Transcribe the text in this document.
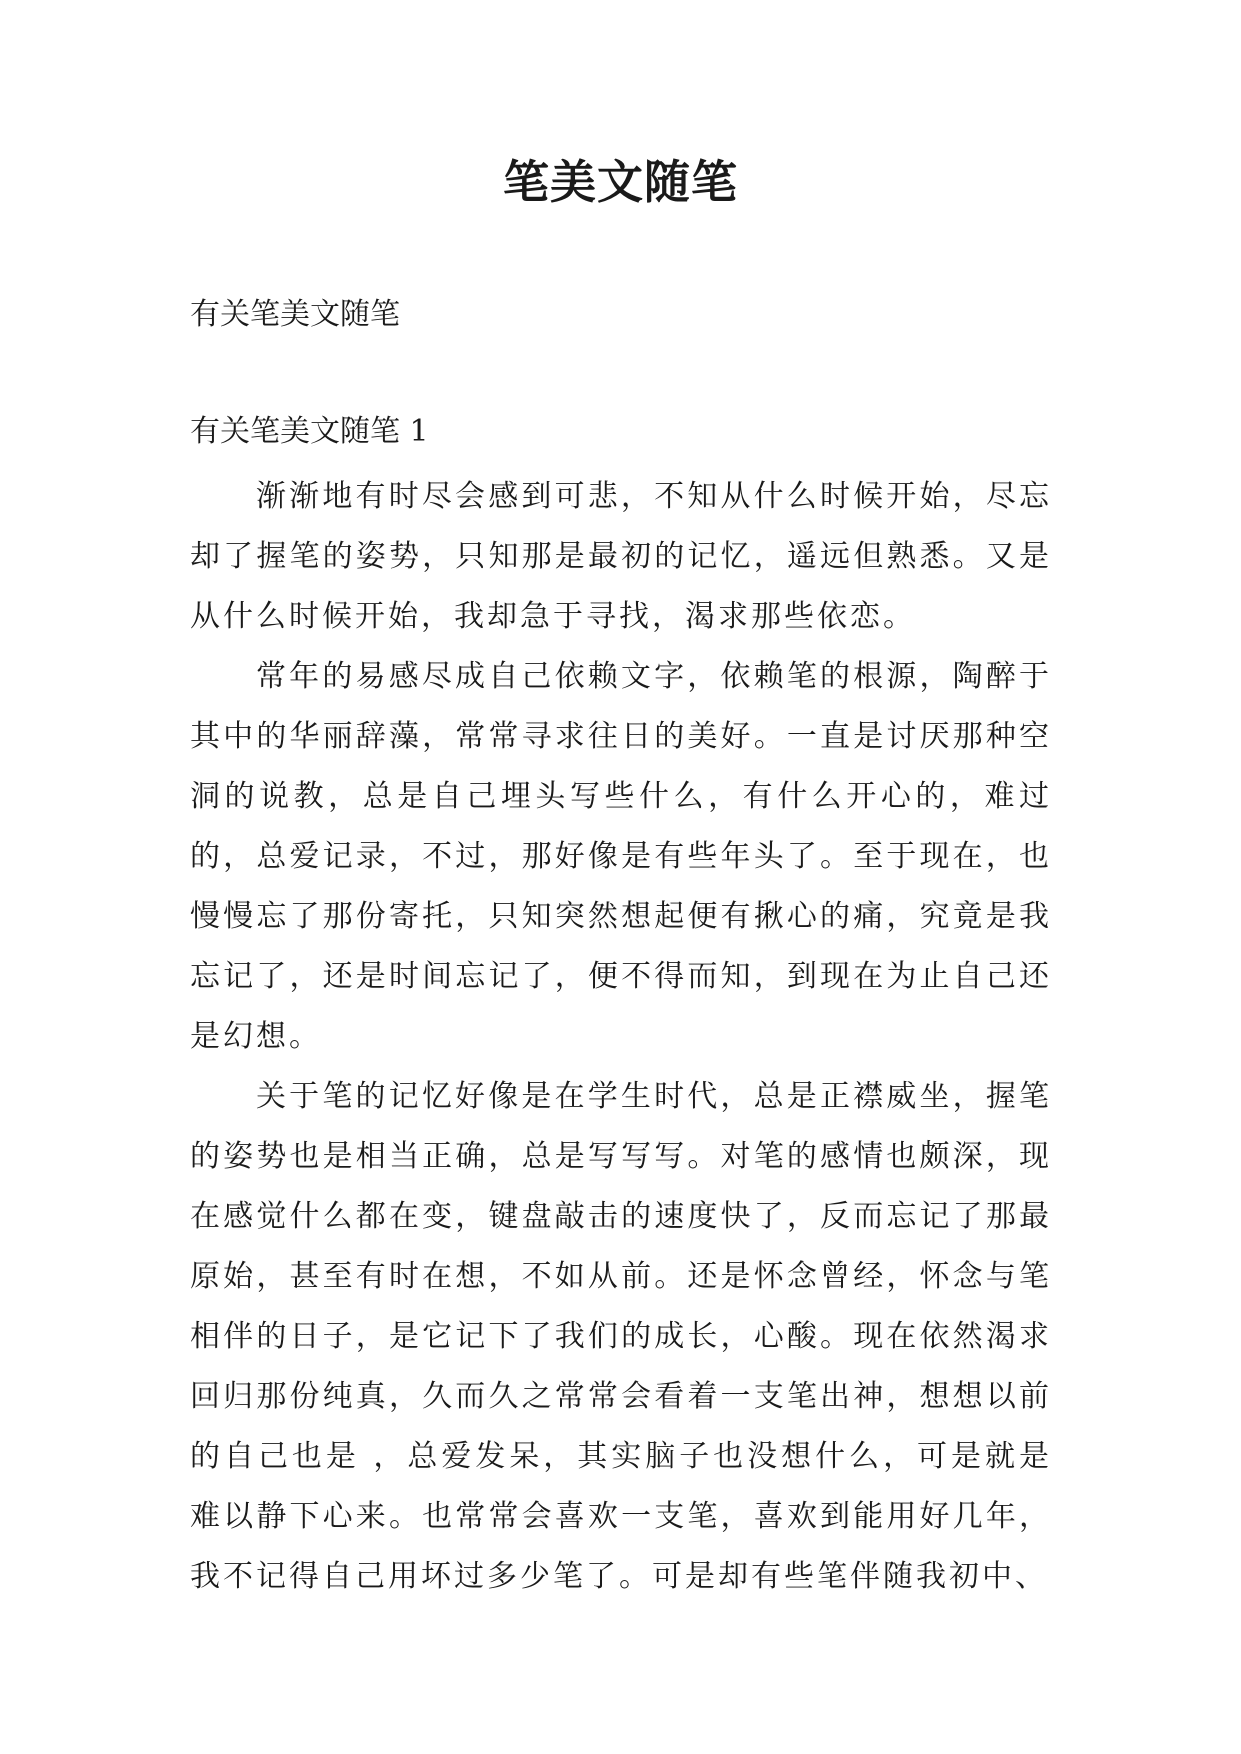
笔美文随笔

有关笔美文随笔

有关笔美文随笔 1

渐渐地有时尽会感到可悲，不知从什么时候开始，尽忘却了握笔的姿势，只知那是最初的记忆，遥远但熟悉。又是从什么时候开始，我却急于寻找，渴求那些依恋。

常年的易感尽成自己依赖文字，依赖笔的根源，陶醉于其中的华丽辞藻，常常寻求往日的美好。一直是讨厌那种空洞的说教，总是自己埋头写些什么，有什么开心的，难过的，总爱记录，不过，那好像是有些年头了。至于现在，也慢慢忘了那份寄托，只知突然想起便有揪心的痛，究竟是我忘记了，还是时间忘记了，便不得而知，到现在为止自己还是幻想。

关于笔的记忆好像是在学生时代，总是正襟威坐，握笔的姿势也是相当正确，总是写写写。对笔的感情也颇深，现在感觉什么都在变，键盘敲击的速度快了，反而忘记了那最原始，甚至有时在想，不如从前。还是怀念曾经，怀念与笔相伴的日子，是它记下了我们的成长，心酸。现在依然渴求回归那份纯真，久而久之常常会看着一支笔出神，想想以前的自己也是 ，总爱发呆，其实脑子也没想什么，可是就是难以静下心来。也常常会喜欢一支笔，喜欢到能用好几年，我不记得自己用坏过多少笔了。可是却有些笔伴随我初中、
